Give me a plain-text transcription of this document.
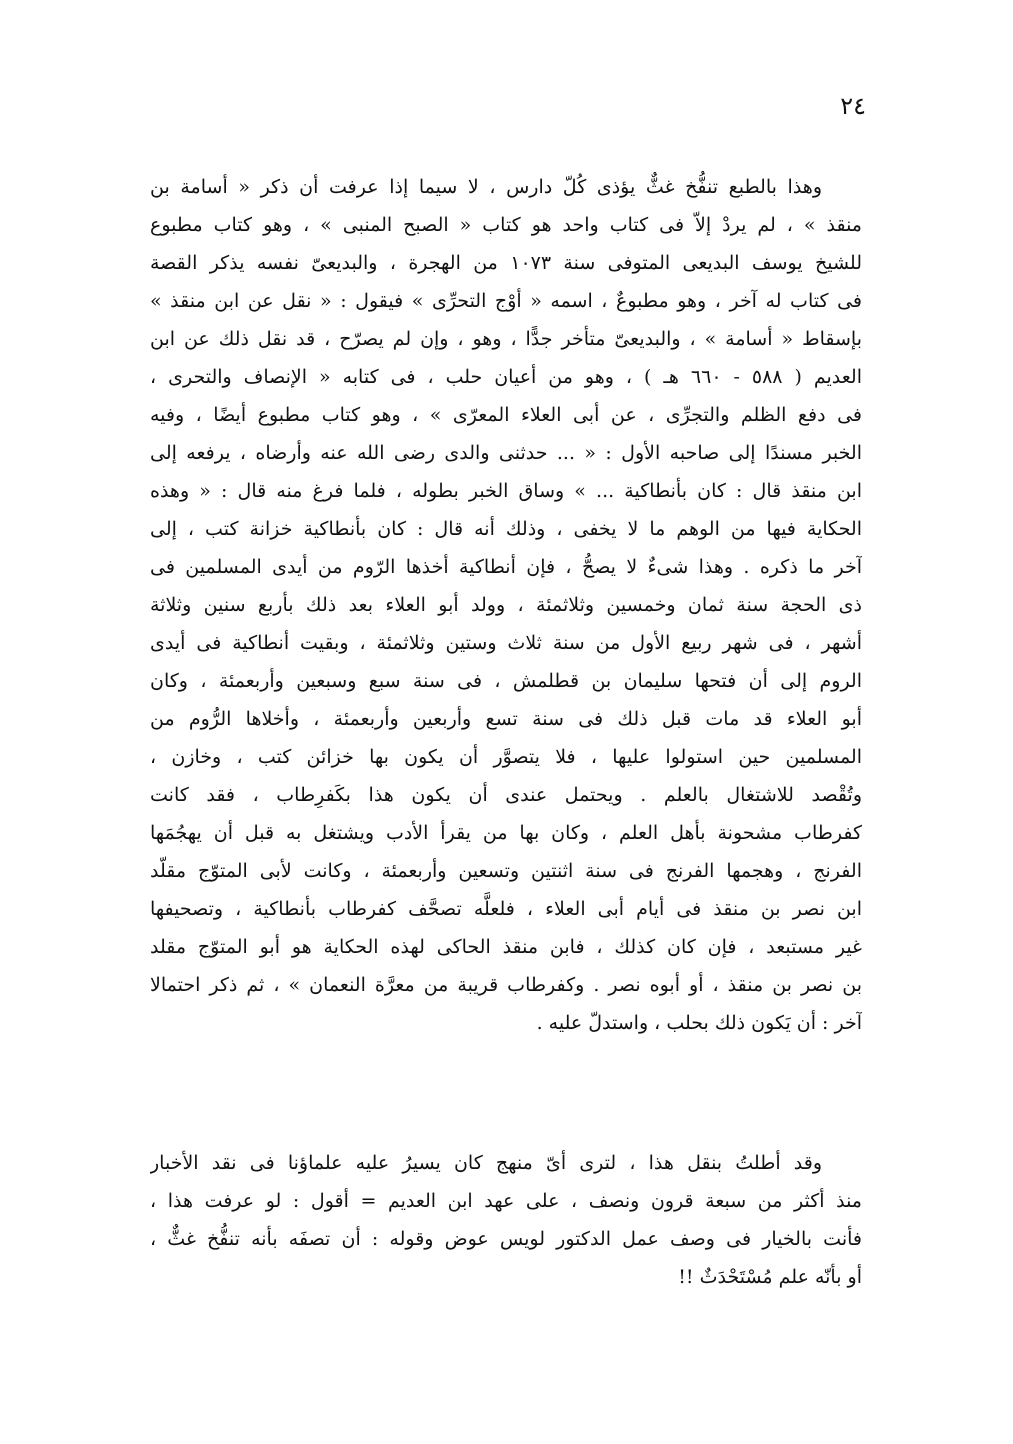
٢٤
وهذا بالطبع تنفُّخ غثٌّ يؤذى كُلّ دارس ، لا سيما إذا عرفت أن ذكر « أسامة بن
منقذ » ، لم يردْ إلاّ فى كتاب واحد هو كتاب « الصبح المنبى » ، وهو كتاب مطبوع
للشيخ يوسف البديعى المتوفى سنة ١٠٧٣ من الهجرة ، والبديعىّ نفسه يذكر القصة
فى كتاب له آخر ، وهو مطبوعٌ ، اسمه « أوْج التحرِّى » فيقول : « نقل عن ابن منقذ »
بإسقاط « أسامة » ، والبديعىّ متأخر جدًّا ، وهو ، وإن لم يصرّح ، قد نقل ذلك عن ابن
العديم ( ٥٨٨ - ٦٦٠ هـ ) ، وهو من أعيان حلب ، فى كتابه « الإنصاف والتحرى ،
فى دفع الظلم والتجرِّى ، عن أبى العلاء المعرّى » ، وهو كتاب مطبوع أيضًا ، وفيه
الخبر مسندًا إلى صاحبه الأول : « ... حدثنى والدى رضى الله عنه وأرضاه ، يرفعه إلى
ابن منقذ قال : كان بأنطاكية ... » وساق الخبر بطوله ، فلما فرغ منه قال : « وهذه
الحكاية فيها من الوهم ما لا يخفى ، وذلك أنه قال : كان بأنطاكية خزانة كتب ، إلى
آخر ما ذكره . وهذا شىءٌ لا يصحُّ ، فإن أنطاكية أخذها الرّوم من أيدى المسلمين فى
ذى الحجة سنة ثمان وخمسين وثلاثمئة ، وولد أبو العلاء بعد ذلك بأربع سنين وثلاثة
أشهر ، فى شهر ربيع الأول من سنة ثلاث وستين وثلاثمئة ، وبقيت أنطاكية فى أيدى
الروم إلى أن فتحها سليمان بن قطلمش ، فى سنة سبع وسبعين وأربعمئة ، وكان
أبو العلاء قد مات قبل ذلك فى سنة تسع وأربعين وأربعمئة ، وأخلاها الرُّوم من
المسلمين حين استولوا عليها ، فلا يتصوَّر أن يكون بها خزائن كتب ، وخازن ،
وتُقْصد للاشتغال بالعلم . ويحتمل عندى أن يكون هذا بكَفرِطاب ، فقد كانت
كفرطاب مشحونة بأهل العلم ، وكان بها من يقرأ الأدب ويشتغل به قبل أن يهجُمَها
الفرنج ، وهجمها الفرنج فى سنة اثنتين وتسعين وأربعمئة ، وكانت لأبى المتوّج مقلّد
ابن نصر بن منقذ فى أيام أبى العلاء ، فلعلَّه تصحَّف كفرطاب بأنطاكية ، وتصحيفها
غير مستبعد ، فإن كان كذلك ، فابن منقذ الحاكى لهذه الحكاية هو أبو المتوّج مقلد
بن نصر بن منقذ ، أو أبوه نصر . وكفرطاب قريبة من معرَّة النعمان » ، ثم ذكر احتمالا
آخر : أن يَكون ذلك بحلب ، واستدلّ عليه .
وقد أطلتُ بنقل هذا ، لترى أىّ منهج كان يسيرُ عليه علماؤنا فى نقد الأخبار
منذ أكثر من سبعة قرون ونصف ، على عهد ابن العديم = أقول : لو عرفت هذا ،
فأنت بالخيار فى وصف عمل الدكتور لويس عوض وقوله : أن تصفَه بأنه تنفُّخ غثٌّ ،
أو بأنّه علم مُسْتَحْدَثٌ !!
